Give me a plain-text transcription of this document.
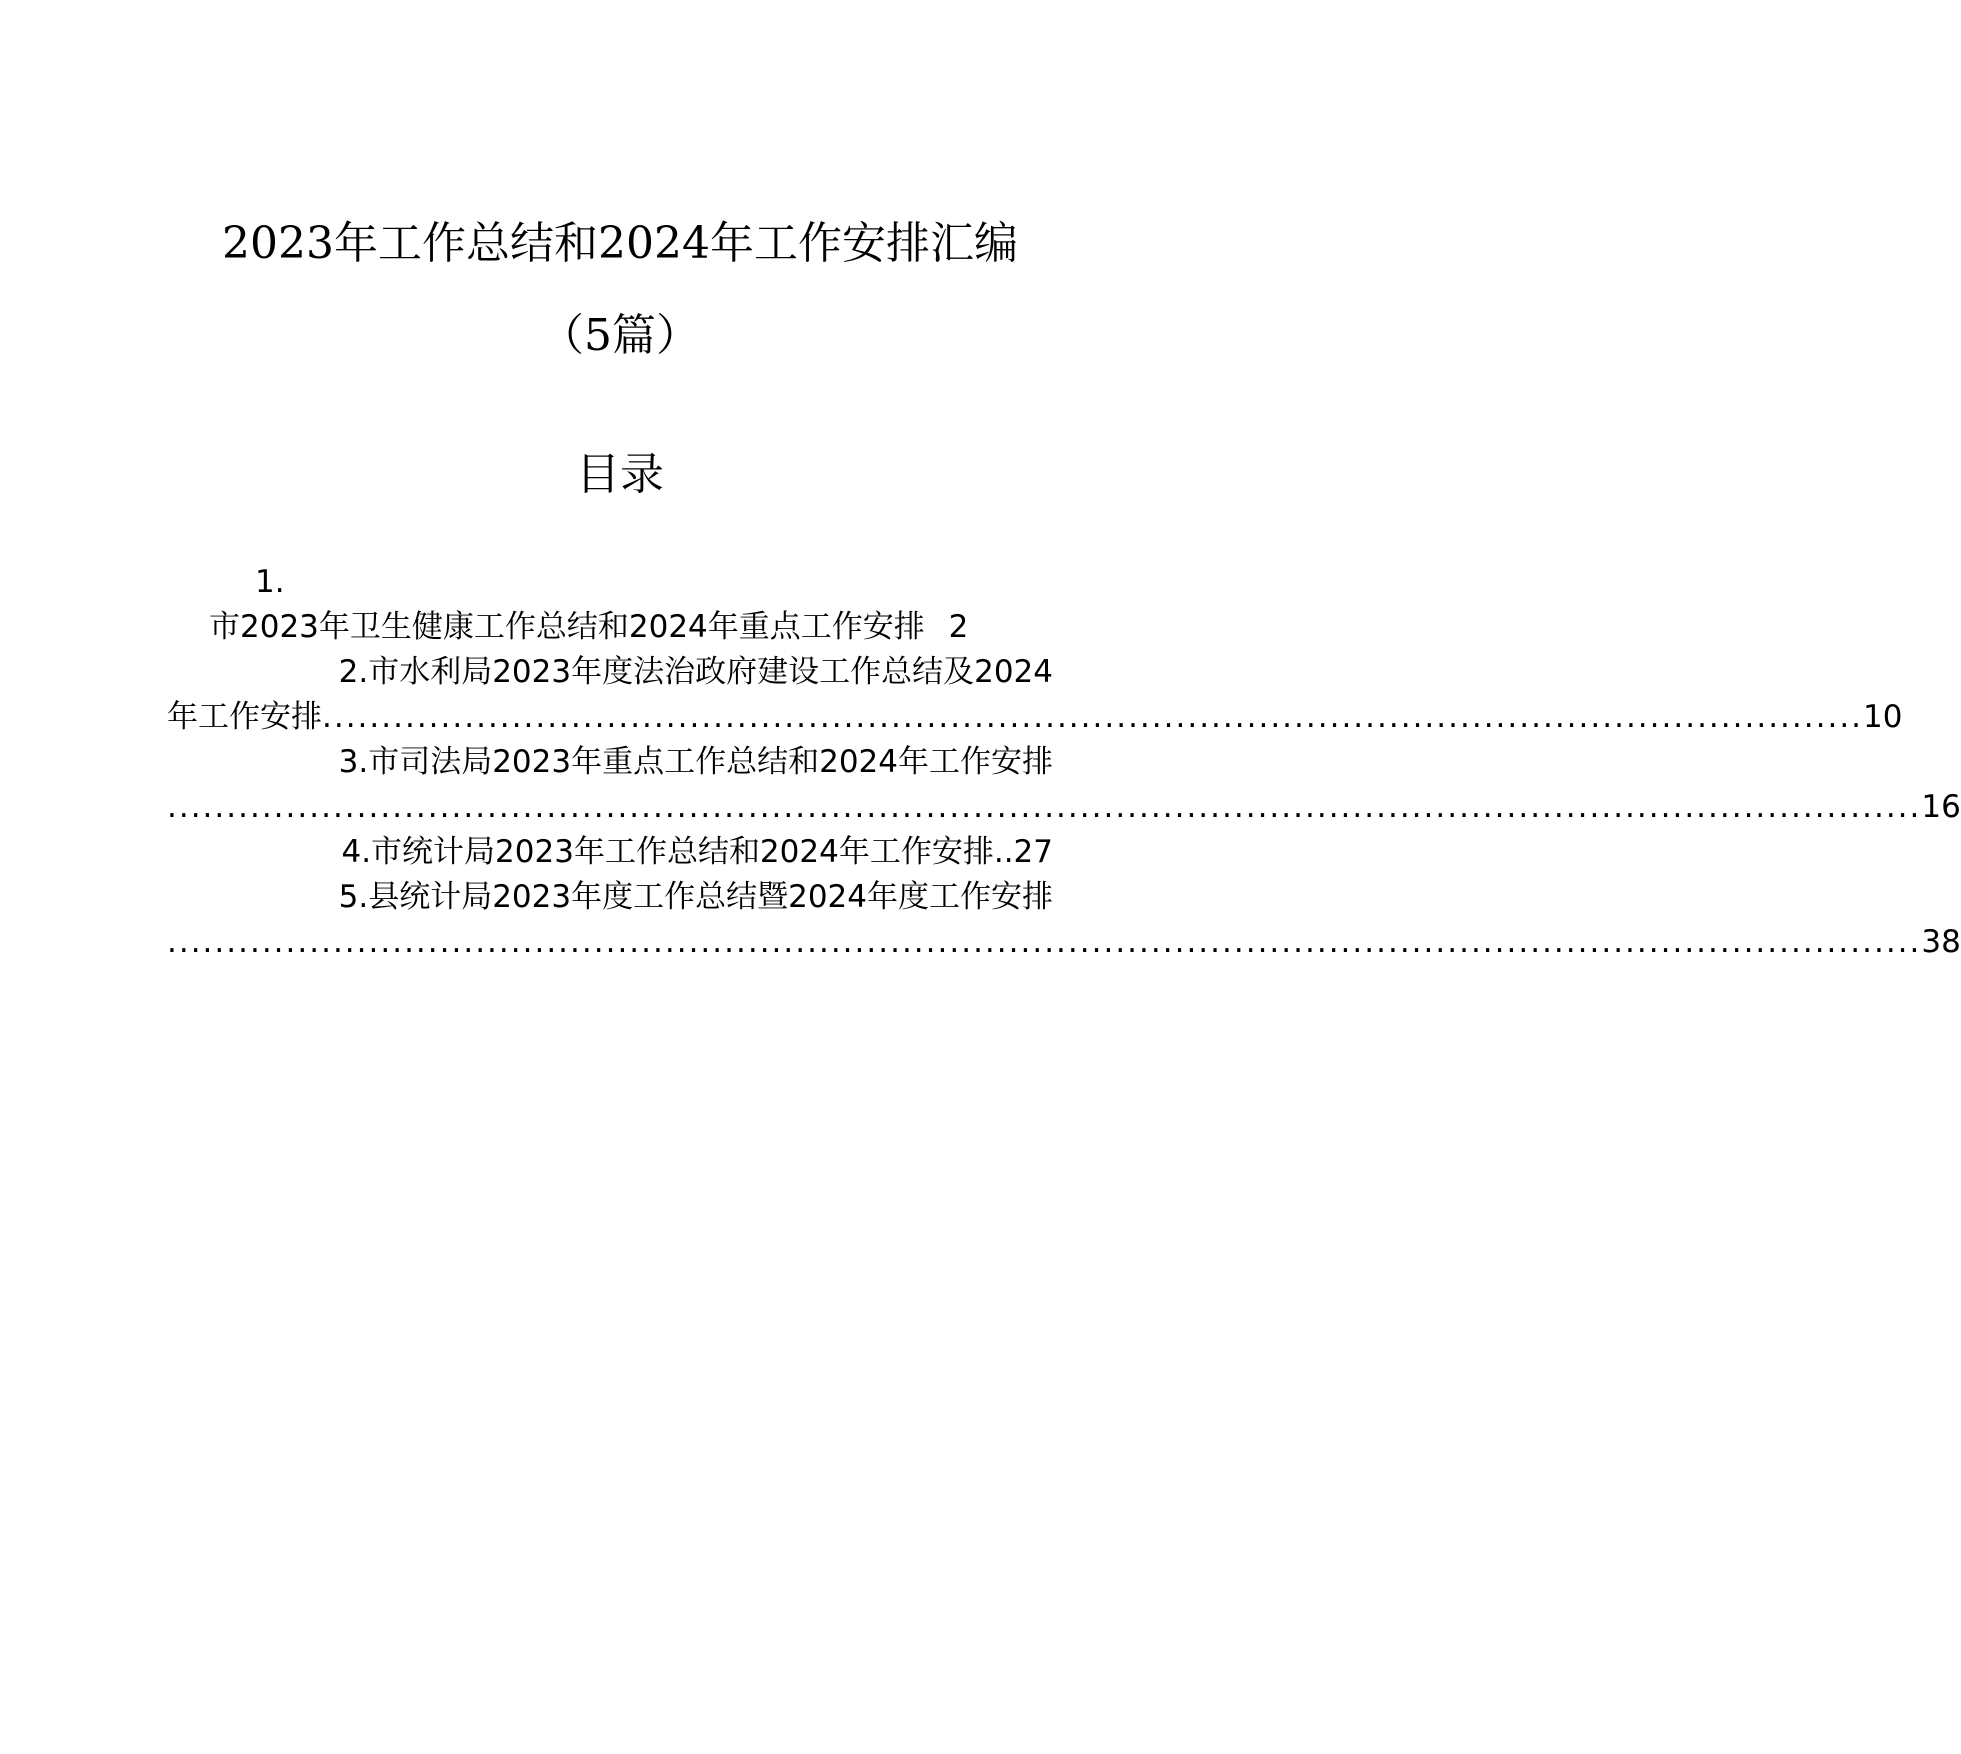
2023年工作总结和2024年工作安排汇编
（5篇）
目录
1.
市2023年卫生健康工作总结和2024年重点工作安排 2
2.市水利局2023年度法治政府建设工作总结及2024
年工作安排 .................................................................................................................................. 10
3.市司法局2023年重点工作总结和2024年工作安排
.................................................................................................................................................... 16
4.市统计局2023年工作总结和2024年工作安排..27
5.县统计局2023年度工作总结暨2024年度工作安排
.................................................................................................................................................... 38
